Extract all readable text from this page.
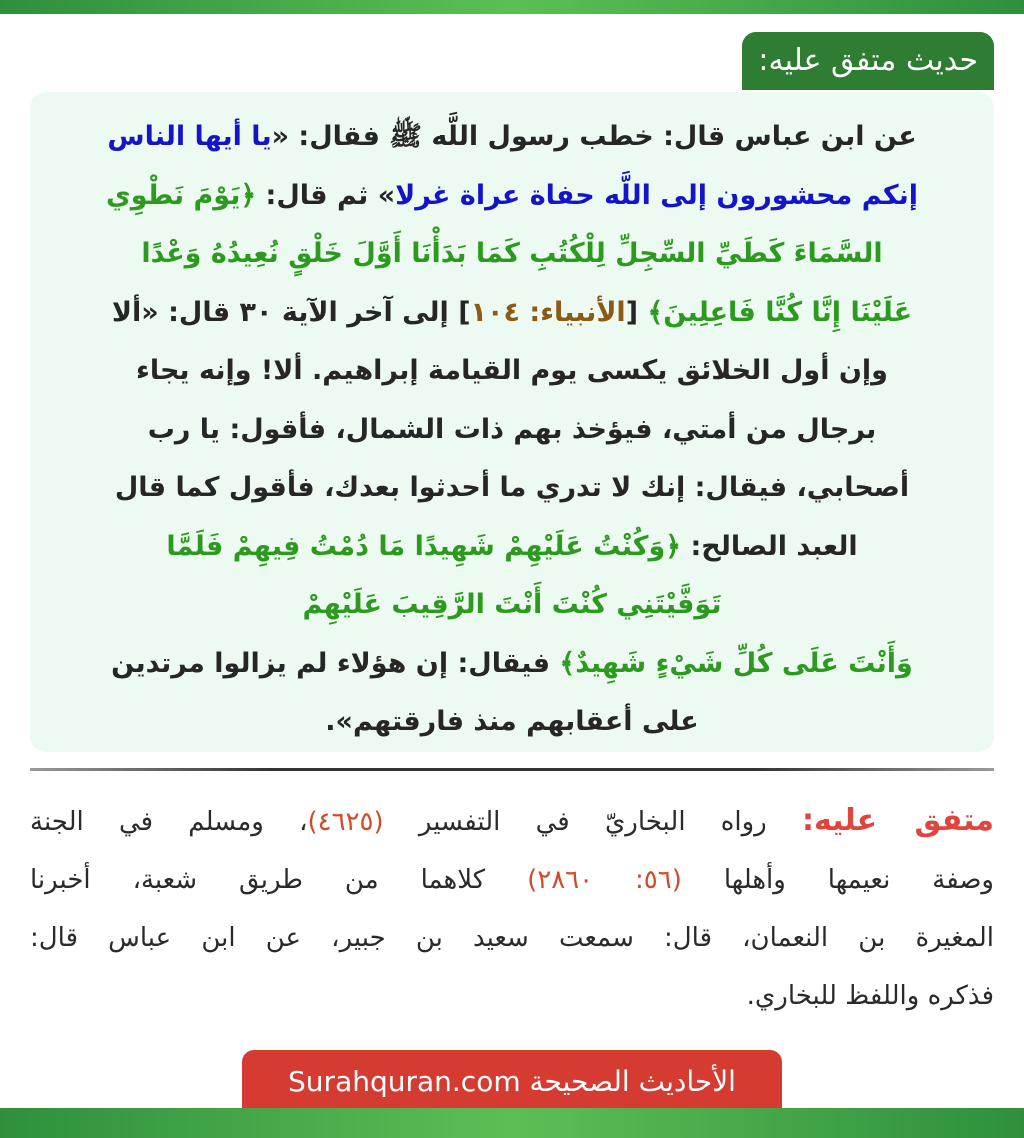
حديث متفق عليه:
عن ابن عباس قال: خطب رسول اللَّه ﷺ فقال: «يا أيها الناس
إنكم محشورون إلى اللَّه حفاة عراة غرلا» ثم قال: ﴿يَوْمَ نَطْوِي
السَّمَاءَ كَطَيِّ السِّجِلِّ لِلْكُتُبِ كَمَا بَدَأْنَا أَوَّلَ خَلْقٍ نُعِيدُهُ وَعْدًا
عَلَيْنَا إِنَّا كُنَّا فَاعِلِينَ﴾ [الأنبياء: ١٠٤] إلى آخر الآية ٣٠ قال: «ألا
وإن أول الخلائق يكسى يوم القيامة إبراهيم. ألا! وإنه يجاء
برجال من أمتي، فيؤخذ بهم ذات الشمال، فأقول: يا رب
أصحابي، فيقال: إنك لا تدري ما أحدثوا بعدك، فأقول كما قال
العبد الصالح: ﴿وَكُنْتُ عَلَيْهِمْ شَهِيدًا مَا دُمْتُ فِيهِمْ فَلَمَّا
تَوَفَّيْتَنِي كُنْتَ أَنْتَ الرَّقِيبَ عَلَيْهِمْ
وَأَنْتَ عَلَى كُلِّ شَيْءٍ شَهِيدٌ﴾ فيقال: إن هؤلاء لم يزالوا مرتدين
على أعقابهم منذ فارقتهم».
متفق عليه: رواه البخاريّ في التفسير (٤٦٢٥)، ومسلم في الجنة
وصفة نعيمها وأهلها (٥٦: ٢٨٦٠) كلاهما من طريق شعبة، أخبرنا
المغيرة بن النعمان، قال: سمعت سعيد بن جبير، عن ابن عباس قال:
فذكره واللفظ للبخاري.
الأحاديث الصحيحة Surahquran.com
